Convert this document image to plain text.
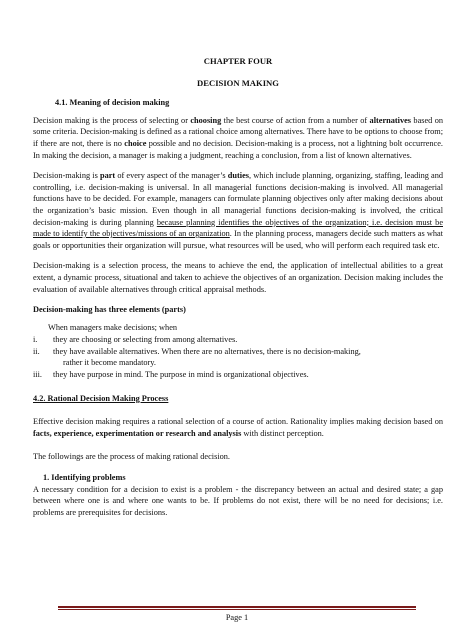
CHAPTER FOUR
DECISION MAKING
4.1. Meaning of decision making

Decision making is the process of selecting or choosing the best course of action from a number of alternatives based on some criteria. Decision-making is defined as a rational choice among alternatives. There have to be options to choose from; if there are not, there is no choice possible and no decision. Decision-making is a process, not a lightning bolt occurrence. In making the decision, a manager is making a judgment, reaching a conclusion, from a list of known alternatives.

Decision-making is part of every aspect of the manager’s duties, which include planning, organizing, staffing, leading and controlling, i.e. decision-making is universal. In all managerial functions decision-making is involved. All managerial functions have to be decided. For example, managers can formulate planning objectives only after making decisions about the organization’s basic mission. Even though in all managerial functions decision-making is involved, the critical decision-making is during planning because planning identifies the objectives of the organization; i.e. decision must be made to identify the objectives/missions of an organization. In the planning process, managers decide such matters as what goals or opportunities their organization will pursue, what resources will be used, who will perform each required task etc.

Decision-making is a selection process, the means to achieve the end, the application of intellectual abilities to a great extent, a dynamic process, situational and taken to achieve the objectives of an organization. Decision making includes the evaluation of available alternatives through critical appraisal methods.

Decision-making has three elements (parts)
When managers make decisions; when
i.	they are choosing or selecting from among alternatives.
ii.	they have available alternatives. When there are no alternatives, there is no decision-making,
rather it become mandatory.
iii.	they have purpose in mind. The purpose in mind is organizational objectives.
4.2. Rational Decision Making Process

Effective decision making requires a rational selection of a course of action. Rationality implies making decision based on facts, experience, experimentation or research and analysis with distinct perception.

The followings are the process of making rational decision.

1. Identifying problems

A necessary condition for a decision to exist is a problem - the discrepancy between an actual and desired state; a gap between where one is and where one wants to be. If problems do not exist, there will be no need for decisions; i.e. problems are prerequisites for decisions.

Page 1
